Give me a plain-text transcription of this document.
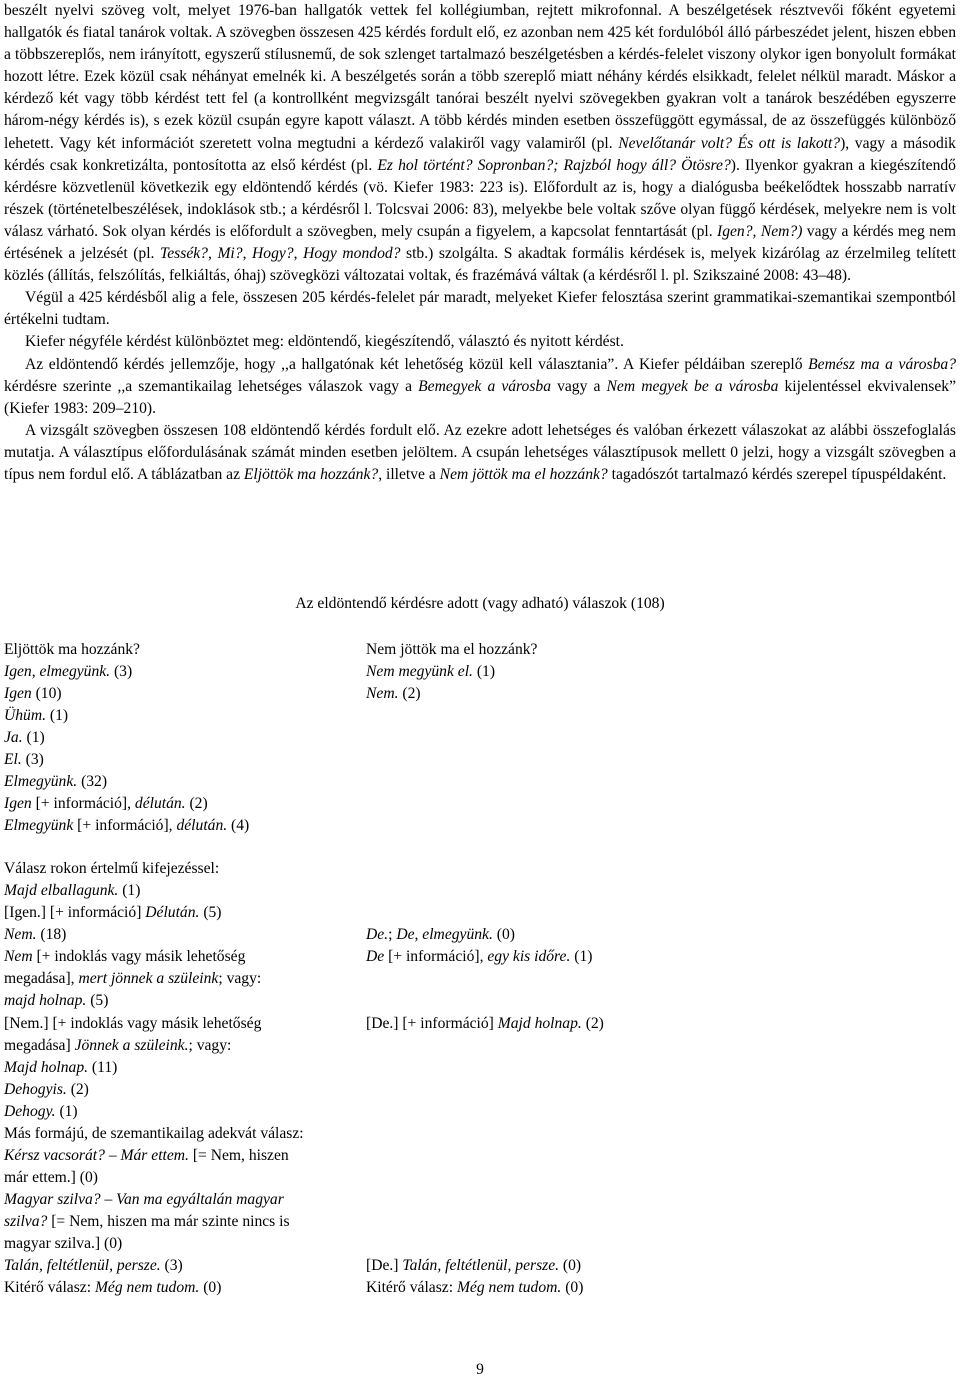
beszélt nyelvi szöveg volt, melyet 1976-ban hallgatók vettek fel kollégiumban, rejtett mikrofonnal. A beszélgetések résztvevői főként egyetemi hallgatók és fiatal tanárok voltak. A szövegben összesen 425 kérdés fordult elő, ez azonban nem 425 két fordulóból álló párbeszédet jelent, hiszen ebben a többszereplős, nem irányított, egyszerű stílusnemű, de sok szlenget tartalmazó beszélgetésben a kérdés-felelet viszony olykor igen bonyolult formákat hozott létre. Ezek közül csak néhányat emelnék ki. A beszélgetés során a több szereplő miatt néhány kérdés elsikkadt, felelet nélkül maradt. Máskor a kérdező két vagy több kérdést tett fel (a kontrollként megvizsgált tanórai beszélt nyelvi szövegekben gyakran volt a tanárok beszédében egyszerre három-négy kérdés is), s ezek közül csupán egyre kapott választ. A több kérdés minden esetben összefüggött egymással, de az összefüggés különböző lehetett. Vagy két információt szeretett volna megtudni a kérdező valakiről vagy valamiről (pl. Nevelőtanár volt? És ott is lakott?), vagy a második kérdés csak konkretizálta, pontosította az első kérdést (pl. Ez hol történt? Sopronban?; Rajzból hogy áll? Ötösre?). Ilyenkor gyakran a kiegészítendő kérdésre közvetlenül következik egy eldöntendő kérdés (vö. Kiefer 1983: 223 is). Előfordult az is, hogy a dialógusba beékelődtek hosszabb narratív részek (történetelbeszélések, indoklások stb.; a kérdésről l. Tolcsvai 2006: 83), melyekbe bele voltak szőve olyan függő kérdések, melyekre nem is volt válasz várható. Sok olyan kérdés is előfordult a szövegben, mely csupán a figyelem, a kapcsolat fenntartását (pl. Igen?, Nem?) vagy a kérdés meg nem értésének a jelzését (pl. Tessék?, Mi?, Hogy?, Hogy mondod? stb.) szolgálta. S akadtak formális kérdések is, melyek kizárólag az érzelmileg telített közlés (állítás, felszólítás, felkiáltás, óhaj) szövegközi változatai voltak, és frazémává váltak (a kérdésről l. pl. Szikszainé 2008: 43–48).

Végül a 425 kérdésből alig a fele, összesen 205 kérdés-felelet pár maradt, melyeket Kiefer felosztása szerint grammatikai-szemantikai szempontból értékelni tudtam.

Kiefer négyféle kérdést különböztet meg: eldöntendő, kiegészítendő, választó és nyitott kérdést.

Az eldöntendő kérdés jellemzője, hogy ,,a hallgatónak két lehetőség közül kell választania”. A Kiefer példáiban szereplő Bemész ma a városba? kérdésre szerinte ,,a szemantikailag lehetséges válaszok vagy a Bemegyek a városba vagy a Nem megyek be a városba kijelentéssel ekvivalensek” (Kiefer 1983: 209–210).

A vizsgált szövegben összesen 108 eldöntendő kérdés fordult elő. Az ezekre adott lehetséges és valóban érkezett válaszokat az alábbi összefoglalás mutatja. A választípus előfordulásának számát minden esetben jelöltem. A csupán lehetséges választípusok mellett 0 jelzi, hogy a vizsgált szövegben a típus nem fordul elő. A táblázatban az Eljöttök ma hozzánk?, illetve a Nem jöttök ma el hozzánk? tagadószót tartalmazó kérdés szerepel típuspéldaként.

Az eldöntendő kérdésre adott (vagy adható) válaszok (108)

Eljöttök ma hozzánk?

Igen, elmegyünk. (3)

Igen (10)

Ühüm. (1)

Ja. (1)

El. (3)

Elmegyünk. (32)

Igen [+ információ], délután. (2)

Elmegyünk [+ információ], délután. (4)

Válasz rokon értelmű kifejezéssel:

Majd elballagunk. (1)

[Igen.] [+ információ] Délután. (5)

Nem. (18)

Nem [+ indoklás vagy másik lehetőség

megadása], mert jönnek a szüleink; vagy:

majd holnap. (5)

[Nem.] [+ indoklás vagy másik lehetőség

megadása] Jönnek a szüleink.; vagy:

Majd holnap. (11)

Dehogyis. (2)

Dehogy. (1)

Más formájú, de szemantikailag adekvát válasz:

Kérsz vacsorát? – Már ettem. [= Nem, hiszen

már ettem.] (0)

Magyar szilva? – Van ma egyáltalán magyar

szilva? [= Nem, hiszen ma már szinte nincs is

magyar szilva.] (0)

Talán, feltétlenül, persze. (3)

Kitérő válasz: Még nem tudom. (0)

Nem jöttök ma el hozzánk?

Nem megyünk el. (1)

Nem. (2)

De.; De, elmegyünk. (0)

De [+ információ], egy kis időre. (1)

[De.] [+ információ] Majd holnap. (2)

[De.] Talán, feltétlenül, persze. (0)

Kitérő válasz: Még nem tudom. (0)

9
